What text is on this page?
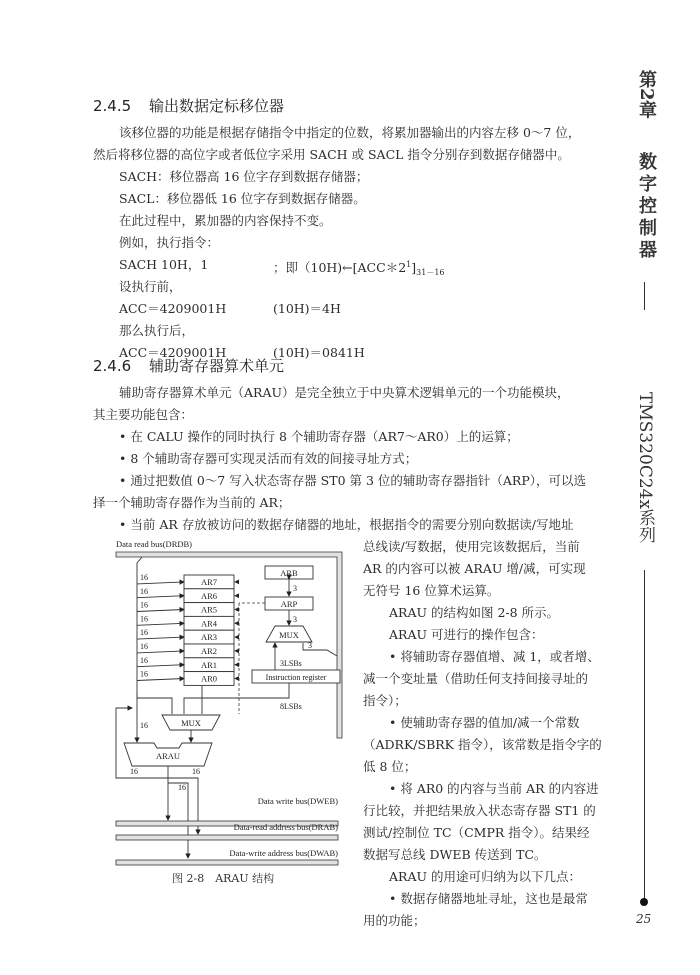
2.4.5 输出数据定标移位器
该移位器的功能是根据存储指令中指定的位数，将累加器输出的内容左移 0～7 位，
然后将移位器的高位字或者低位字采用 SACH 或 SACL 指令分别存到数据存储器中。
SACH：移位器高 16 位字存到数据存储器；
SACL：移位器低 16 位字存到数据存储器。
在此过程中，累加器的内容保持不变。
例如，执行指令：
SACH 10H，1	；即$(10H)\leftarrow[ACC*2^1]_{31-16}$
设执行前，
ACC＝4209001H	(10H)＝4H
那么执行后，
ACC＝4209001H	(10H)＝0841H
2.4.6 辅助寄存器算术单元
辅助寄存器算术单元（ARAU）是完全独立于中央算术逻辑单元的一个功能模块，
其主要功能包含：
• 在 CALU 操作的同时执行 8 个辅助寄存器（AR7～AR0）上的运算；
• 8 个辅助寄存器可实现灵活而有效的间接寻址方式；
• 通过把数值 0～7 写入状态寄存器 ST0 第 3 位的辅助寄存器指针（ARP），可以选
择一个辅助寄存器作为当前的 AR；
• 当前 AR 存放被访问的数据存储器的地址，根据指令的需要分别向数据读/写地址
总线读/写数据，使用完该数据后，当前
AR 的内容可以被 ARAU 增/减，可实现
无符号 16 位算术运算。
ARAU 的结构如图 2-8 所示。
ARAU 可进行的操作包含：
• 将辅助寄存器值增、减 1，或者增、
减一个变址量（借助任何支持间接寻址的
指令）；
• 使辅助寄存器的值加/减一个常数
（ADRK/SBRK 指令），该常数是指令字的
低 8 位；
• 将 AR0 的内容与当前 AR 的内容进
行比较，并把结果放入状态寄存器 ST1 的
测试/控制位 TC（CMPR 指令）。结果经
数据写总线 DWEB 传送到 TC。
ARAU 的用途可归纳为以下几点：
• 数据存储器地址寻址，这也是最常
用的功能；
Data read bus(DRDB)
AR7
16
AR6
16
AR5
16
AR4
16
AR3
16
AR2
16
AR1
16
AR0
16
ARB
3
ARP
3
MUX
Instruction register
3LSBs
3
8LSBs
MUX
ARAU
16
16
16
16
Data write bus(DWEB)
Data-read address bus(DRAB)
Data-write address bus(DWAB)
图 2-8　ARAU 结构
第2章
数字控制器
TMS320C24x系列
25
